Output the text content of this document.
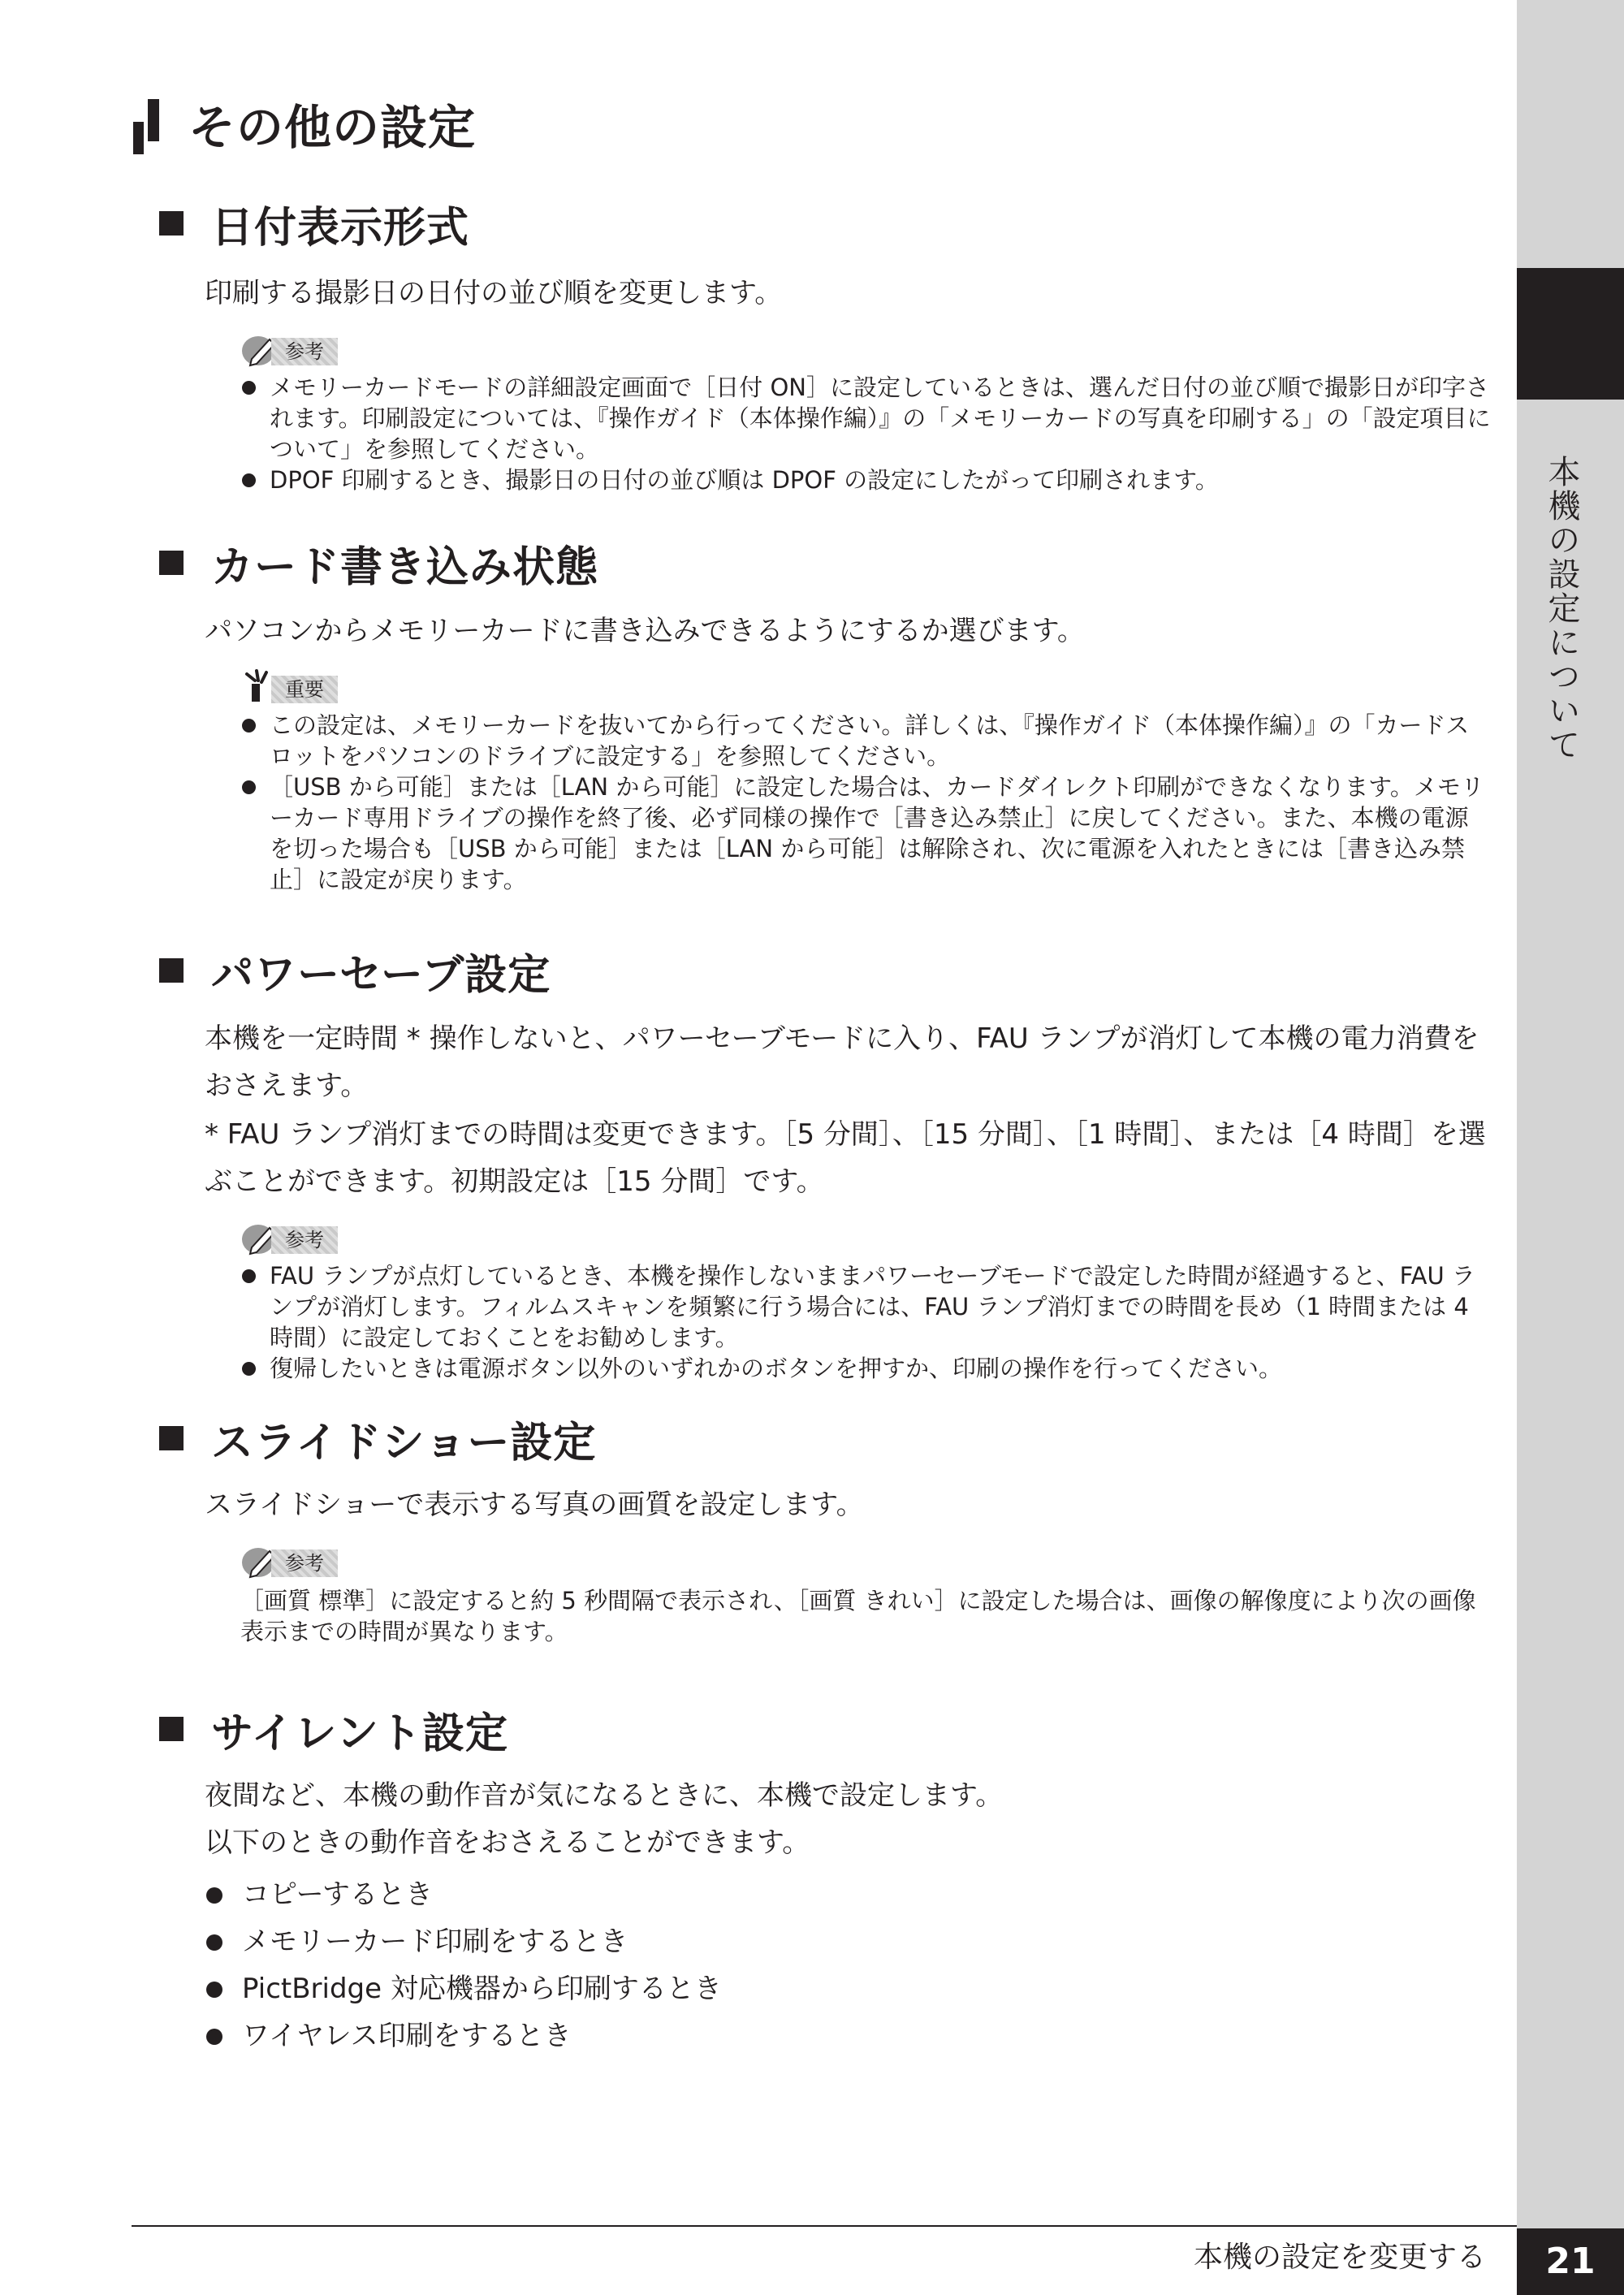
本機の設定について
その他の設定
日付表示形式
印刷する撮影日の日付の並び順を変更します。
参考
メモリーカードモードの詳細設定画面で［日付 ON］に設定しているときは、選んだ日付の並び順で撮影日が印字されます。印刷設定については、『操作ガイド（本体操作編）』の「メモリーカードの写真を印刷する」の「設定項目について」を参照してください。
DPOF 印刷するとき、撮影日の日付の並び順は DPOF の設定にしたがって印刷されます。
カード書き込み状態
パソコンからメモリーカードに書き込みできるようにするか選びます。
重要
この設定は、メモリーカードを抜いてから行ってください。詳しくは、『操作ガイド（本体操作編）』の「カードスロットをパソコンのドライブに設定する」を参照してください。
［USB から可能］または［LAN から可能］に設定した場合は、カードダイレクト印刷ができなくなります。メモリーカード専用ドライブの操作を終了後、必ず同様の操作で［書き込み禁止］に戻してください。また、本機の電源を切った場合も［USB から可能］または［LAN から可能］は解除され、次に電源を入れたときには［書き込み禁止］に設定が戻ります。
パワーセーブ設定
本機を一定時間 * 操作しないと、パワーセーブモードに入り、FAU ランプが消灯して本機の電力消費をおさえます。
* FAU ランプ消灯までの時間は変更できます。［5 分間］、［15 分間］、［1 時間］、または［4 時間］を選ぶことができます。初期設定は［15 分間］です。
参考
FAU ランプが点灯しているとき、本機を操作しないままパワーセーブモードで設定した時間が経過すると、FAU ランプが消灯します。フィルムスキャンを頻繁に行う場合には、FAU ランプ消灯までの時間を長め（1 時間または 4 時間）に設定しておくことをお勧めします。
復帰したいときは電源ボタン以外のいずれかのボタンを押すか、印刷の操作を行ってください。
スライドショー設定
スライドショーで表示する写真の画質を設定します。
参考

［画質 標準］に設定すると約 5 秒間隔で表示され、［画質 きれい］に設定した場合は、画像の解像度により次の画像表示までの時間が異なります。

サイレント設定
夜間など、本機の動作音が気になるときに、本機で設定します。
以下のときの動作音をおさえることができます。
コピーするとき
メモリーカード印刷をするとき
PictBridge 対応機器から印刷するとき
ワイヤレス印刷をするとき
本機の設定を変更する	21
